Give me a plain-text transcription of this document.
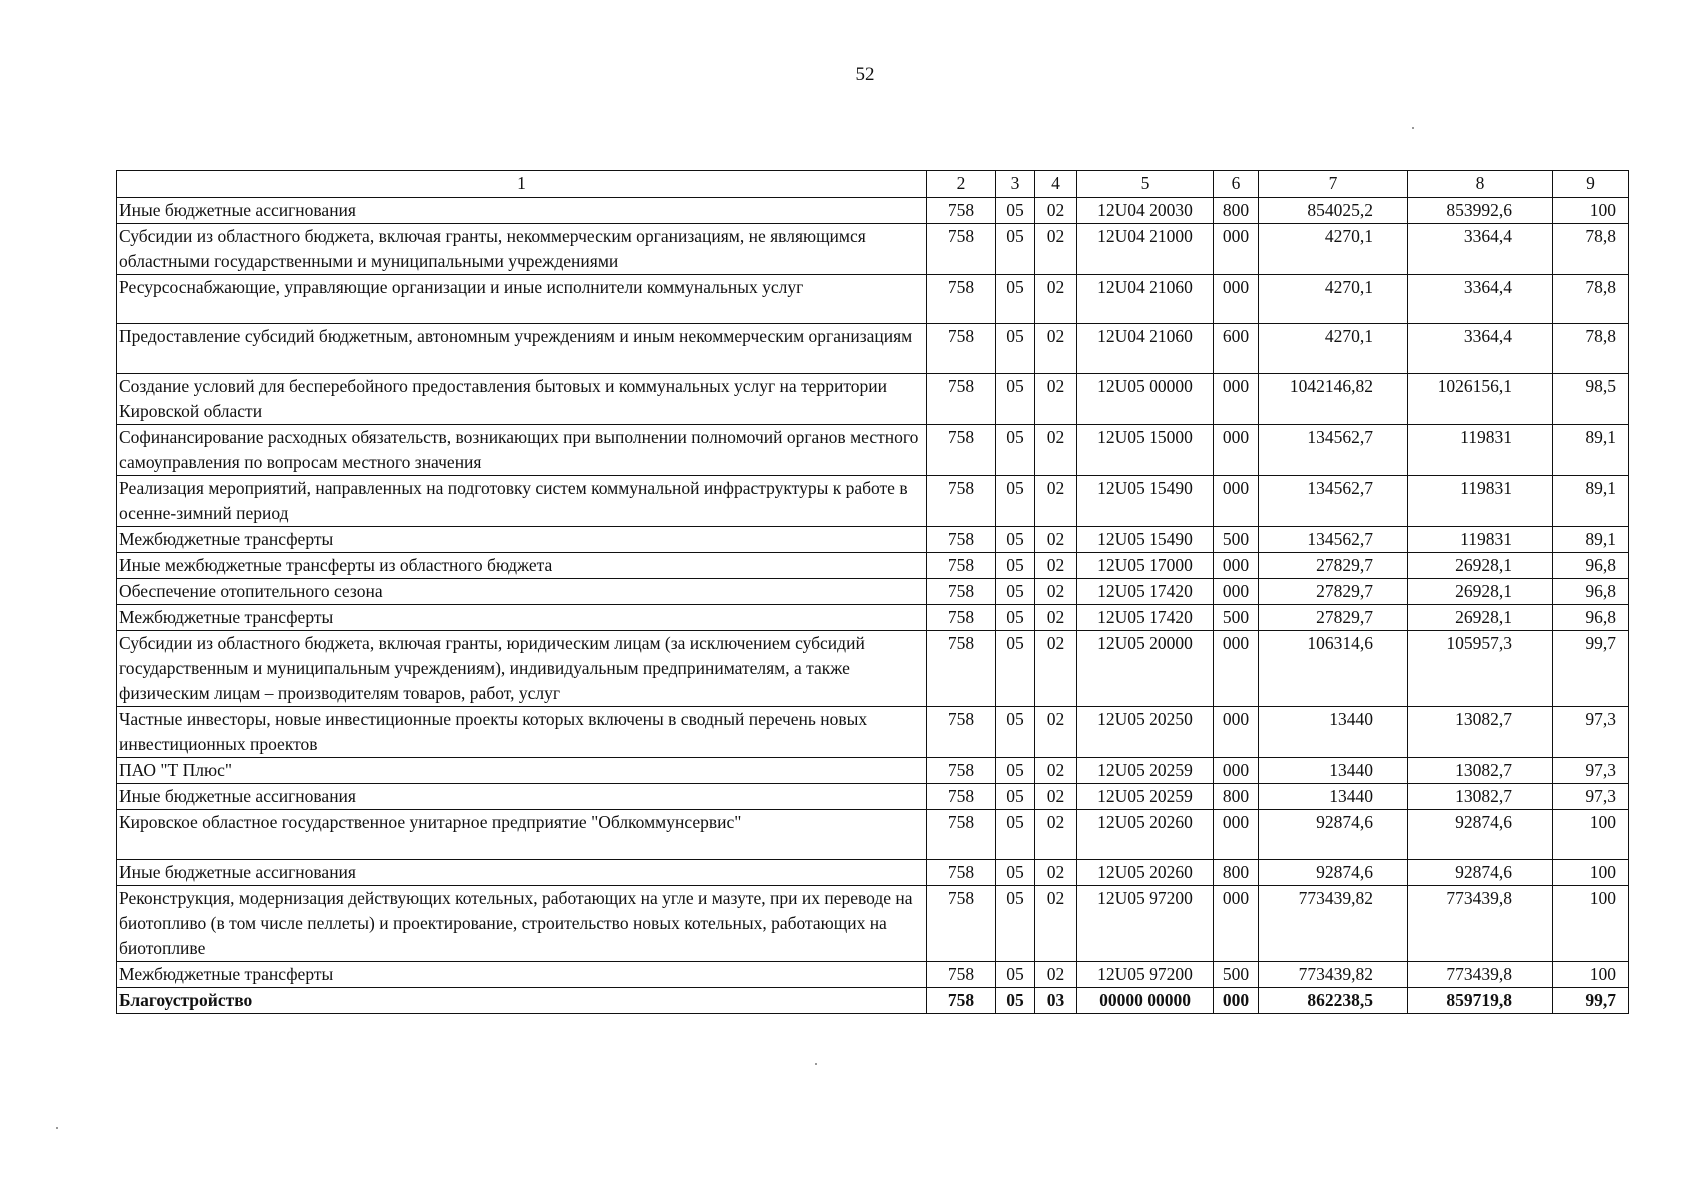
52
1	2	3	4	5	6	7	8	9
Иные бюджетные ассигнования	758	05	02	12U04 20030	800	854025,2	853992,6	100
Субсидии из областного бюджета, включая гранты, некоммерческим организациям, не являющимся областными государственными и муниципальными учреждениями	758	05	02	12U04 21000	000	4270,1	3364,4	78,8
Ресурсоснабжающие, управляющие организации и иные исполнители коммунальных услуг	758	05	02	12U04 21060	000	4270,1	3364,4	78,8
Предоставление субсидий бюджетным, автономным учреждениям и иным некоммерческим организациям	758	05	02	12U04 21060	600	4270,1	3364,4	78,8
Создание условий для бесперебойного предоставления бытовых и коммунальных услуг на территории Кировской области	758	05	02	12U05 00000	000	1042146,82	1026156,1	98,5
Софинансирование расходных обязательств, возникающих при выполнении полномочий органов местного самоуправления по вопросам местного значения	758	05	02	12U05 15000	000	134562,7	119831	89,1
Реализация мероприятий, направленных на подготовку систем коммунальной инфраструктуры к работе в осенне-зимний период	758	05	02	12U05 15490	000	134562,7	119831	89,1
Межбюджетные трансферты	758	05	02	12U05 15490	500	134562,7	119831	89,1
Иные межбюджетные трансферты из областного бюджета	758	05	02	12U05 17000	000	27829,7	26928,1	96,8
Обеспечение отопительного сезона	758	05	02	12U05 17420	000	27829,7	26928,1	96,8
Межбюджетные трансферты	758	05	02	12U05 17420	500	27829,7	26928,1	96,8
Субсидии из областного бюджета, включая гранты, юридическим лицам (за исключением субсидий государственным и муниципальным учреждениям), индивидуальным предпринимателям, а также физическим лицам – производителям товаров, работ, услуг	758	05	02	12U05 20000	000	106314,6	105957,3	99,7
Частные инвесторы, новые инвестиционные проекты которых включены в сводный перечень новых инвестиционных проектов	758	05	02	12U05 20250	000	13440	13082,7	97,3
ПАО "Т Плюс"	758	05	02	12U05 20259	000	13440	13082,7	97,3
Иные бюджетные ассигнования	758	05	02	12U05 20259	800	13440	13082,7	97,3
Кировское областное государственное унитарное предприятие "Облкоммунсервис"	758	05	02	12U05 20260	000	92874,6	92874,6	100
Иные бюджетные ассигнования	758	05	02	12U05 20260	800	92874,6	92874,6	100
Реконструкция, модернизация действующих котельных, работающих на угле и мазуте, при их переводе на биотопливо (в том числе пеллеты) и проектирование, строительство новых котельных, работающих на биотопливе	758	05	02	12U05 97200	000	773439,82	773439,8	100
Межбюджетные трансферты	758	05	02	12U05 97200	500	773439,82	773439,8	100
Благоустройство	758	05	03	00000 00000	000	862238,5	859719,8	99,7
